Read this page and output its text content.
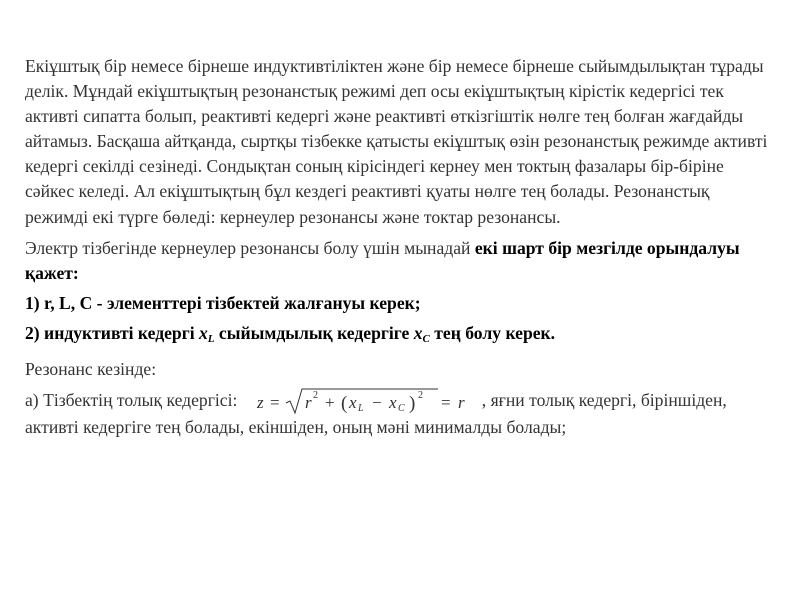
Екіұштық бір немесе бірнеше индуктивтіліктен және бір немесе бірнеше сыйымдылықтан тұрады делік. Мұндай екіұштықтың резонанстық режимі деп осы екіұштықтың кірістік кедергісі тек активті сипатта болып, реактивті кедергі және реактивті өткізгіштік нөлге тең болған жағдайды айтамыз. Басқаша айтқанда, сыртқы тізбекке қатысты екіұштық өзін резонанстық режимде активті кедергі секілді сезінеді. Сондықтан соның кірісіндегі кернеу мен токтың фазалары бір-біріне сәйкес келеді. Ал екіұштықтың бұл кездегі реактивті қуаты нөлге тең болады. Резонанстық режимді екі түрге бөледі: кернеулер резонансы және токтар резонансы.

Электр тізбегінде кернеулер резонансы болу үшін мынадай екі шарт бір мезгілде орындалуы қажет:

1) r, L, C - элементтері тізбектей жалғануы керек;

2) индуктивті кедергі $x_L$ сыйымдылық кедергіге $x_C$ тең болу керек.

Резонанс кезінде:

а) Тізбектің толық кедергісі: z = r 2 + ( x L − x C ) 2 = r , яғни толық кедергі, біріншіден, активті кедергіге тең болады, екіншіден, оның мәні минималды болады;
